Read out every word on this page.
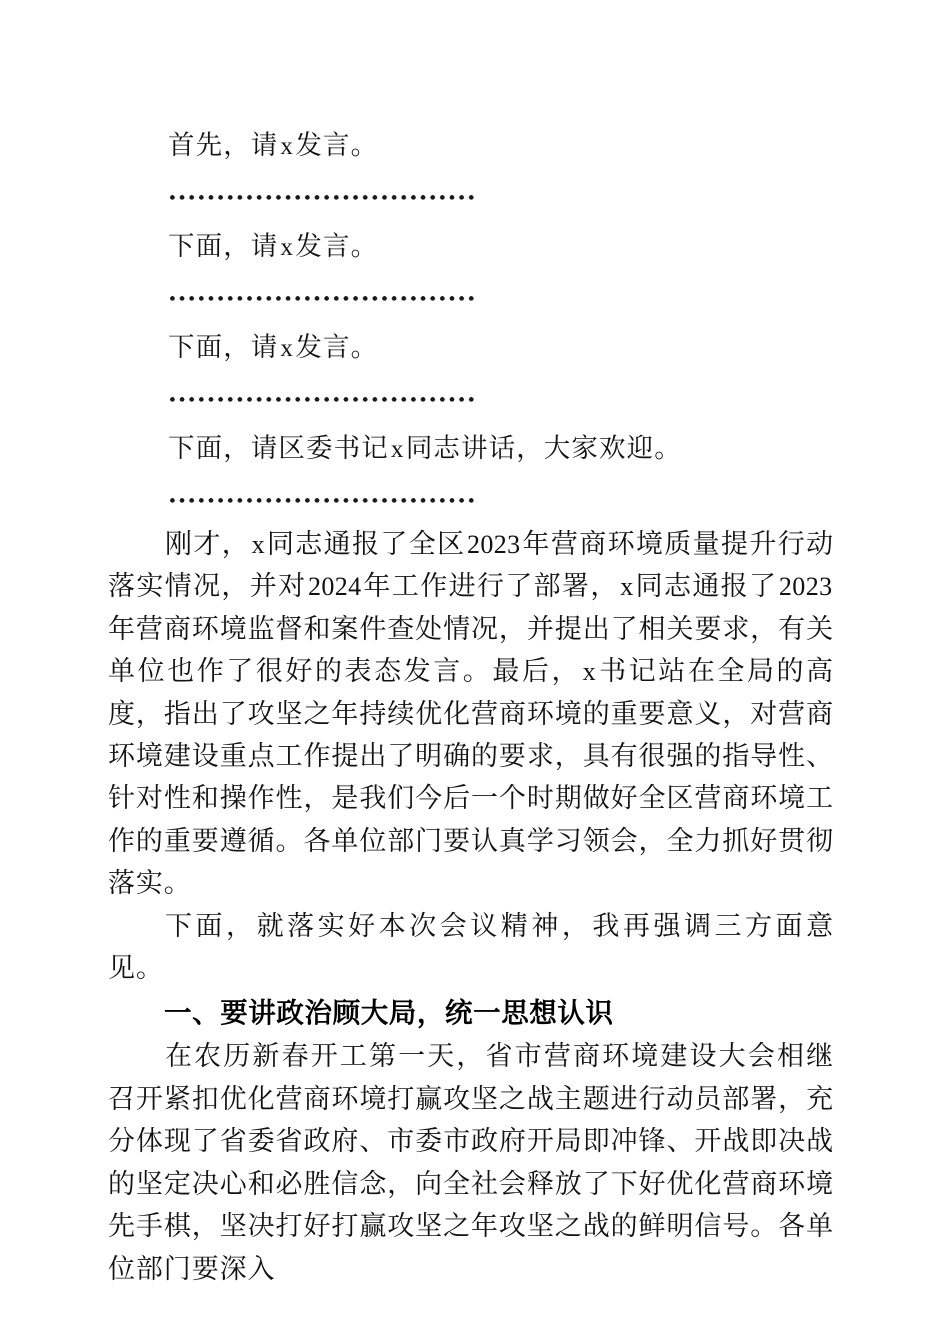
首先，请x发言。
下面，请x发言。
下面，请x发言。
下面，请区委书记x同志讲话，大家欢迎。

刚才，x同志通报了全区2023年营商环境质量提升行动落实情况，并对2024年工作进行了部署，x同志通报了2023年营商环境监督和案件查处情况，并提出了相关要求，有关单位也作了很好的表态发言。最后，x书记站在全局的高度，指出了攻坚之年持续优化营商环境的重要意义，对营商环境建设重点工作提出了明确的要求，具有很强的指导性、针对性和操作性，是我们今后一个时期做好全区营商环境工作的重要遵循。各单位部门要认真学习领会，全力抓好贯彻落实。

下面，就落实好本次会议精神，我再强调三方面意见。

一、要讲政治顾大局，统一思想认识

在农历新春开工第一天，省市营商环境建设大会相继召开紧扣优化营商环境打赢攻坚之战主题进行动员部署，充分体现了省委省政府、市委市政府开局即冲锋、开战即决战的坚定决心和必胜信念，向全社会释放了下好优化营商环境先手棋，坚决打好打赢攻坚之年攻坚之战的鲜明信号。各单位部门要深入
